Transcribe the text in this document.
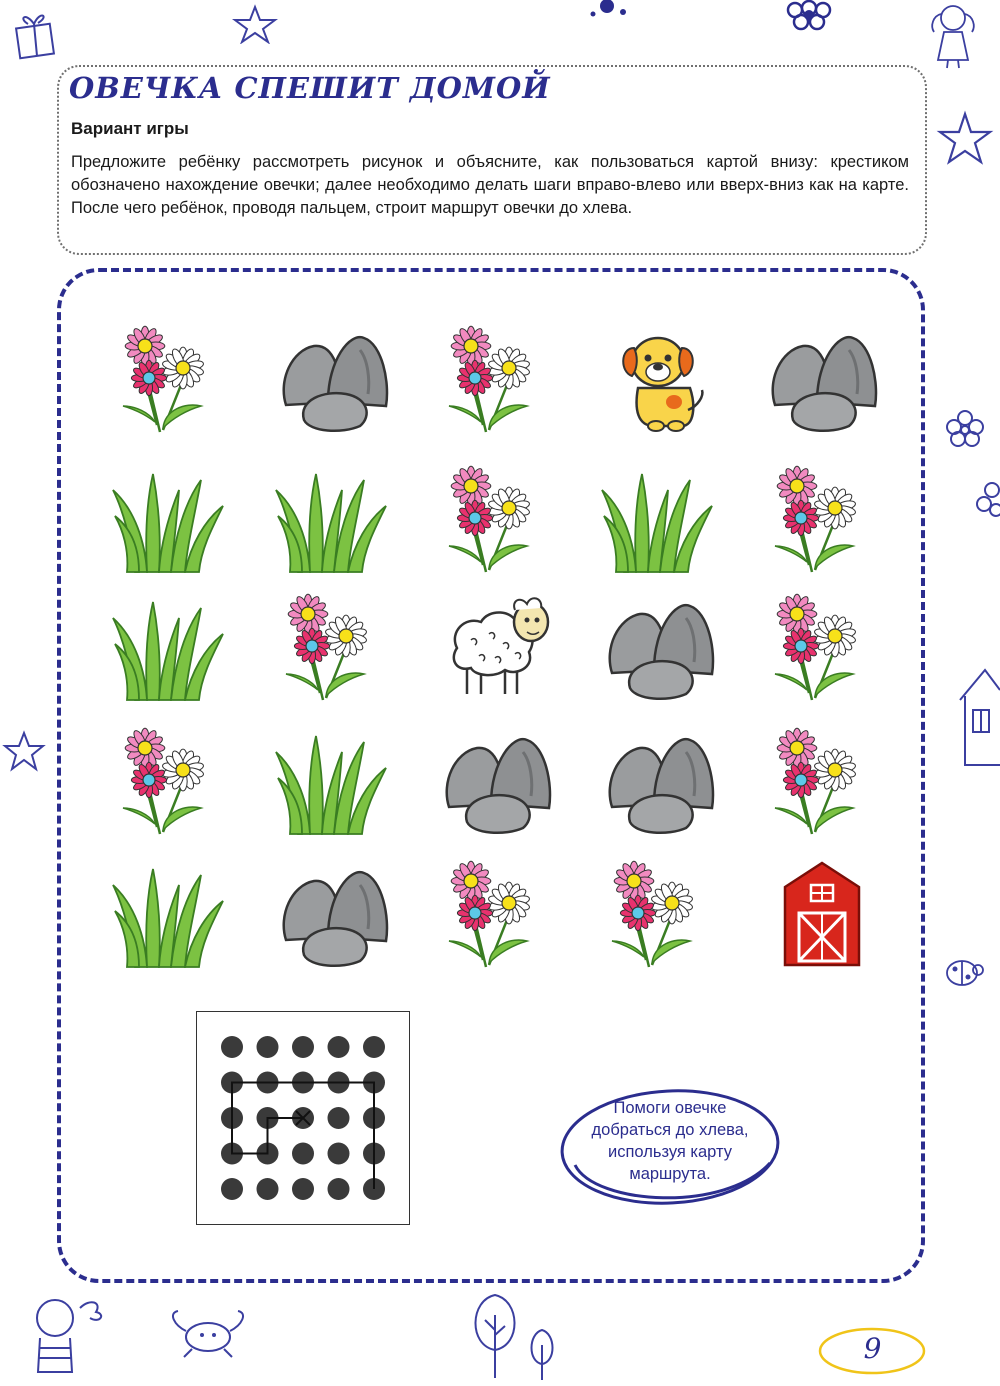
ОВЕЧКА СПЕШИТ ДОМОЙ
Вариант игры

Предложите ребёнку рассмотреть рисунок и объясните, как пользоваться картой внизу: крестиком обозначено нахождение овечки; далее необходимо делать шаги вправо-влево или вверх-вниз как на карте. После чего ребёнок, проводя пальцем, строит маршрут овечки до хлева.

Помоги овечке добраться до хлева, используя карту маршрута.
9
